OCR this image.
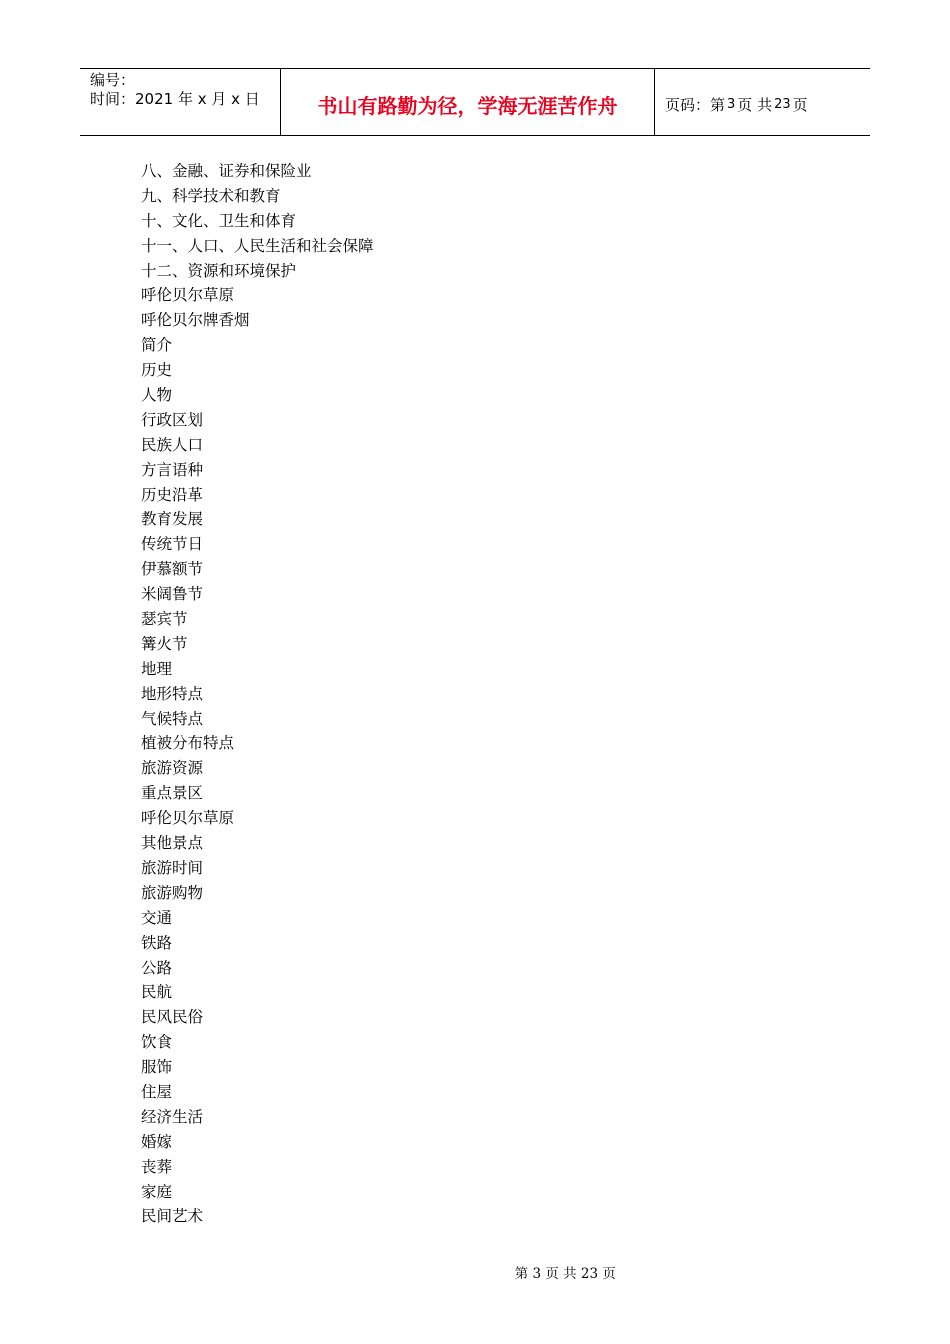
编号：
时间：2021 年 x 月 x 日	书山有路勤为径，学海无涯苦作舟	页码：第 3 页 共 23 页
八、金融、证券和保险业
九、科学技术和教育
十、文化、卫生和体育
十一、人口、人民生活和社会保障
十二、资源和环境保护
呼伦贝尔草原
呼伦贝尔牌香烟
简介
历史
人物
行政区划
民族人口
方言语种
历史沿革
教育发展
传统节日
伊慕额节
米阔鲁节
瑟宾节
篝火节
地理
地形特点
气候特点
植被分布特点
旅游资源
重点景区
呼伦贝尔草原
其他景点
旅游时间
旅游购物
交通
铁路
公路
民航
民风民俗
饮食
服饰
住屋
经济生活
婚嫁
丧葬
家庭
民间艺术

第 3 页 共 23 页
